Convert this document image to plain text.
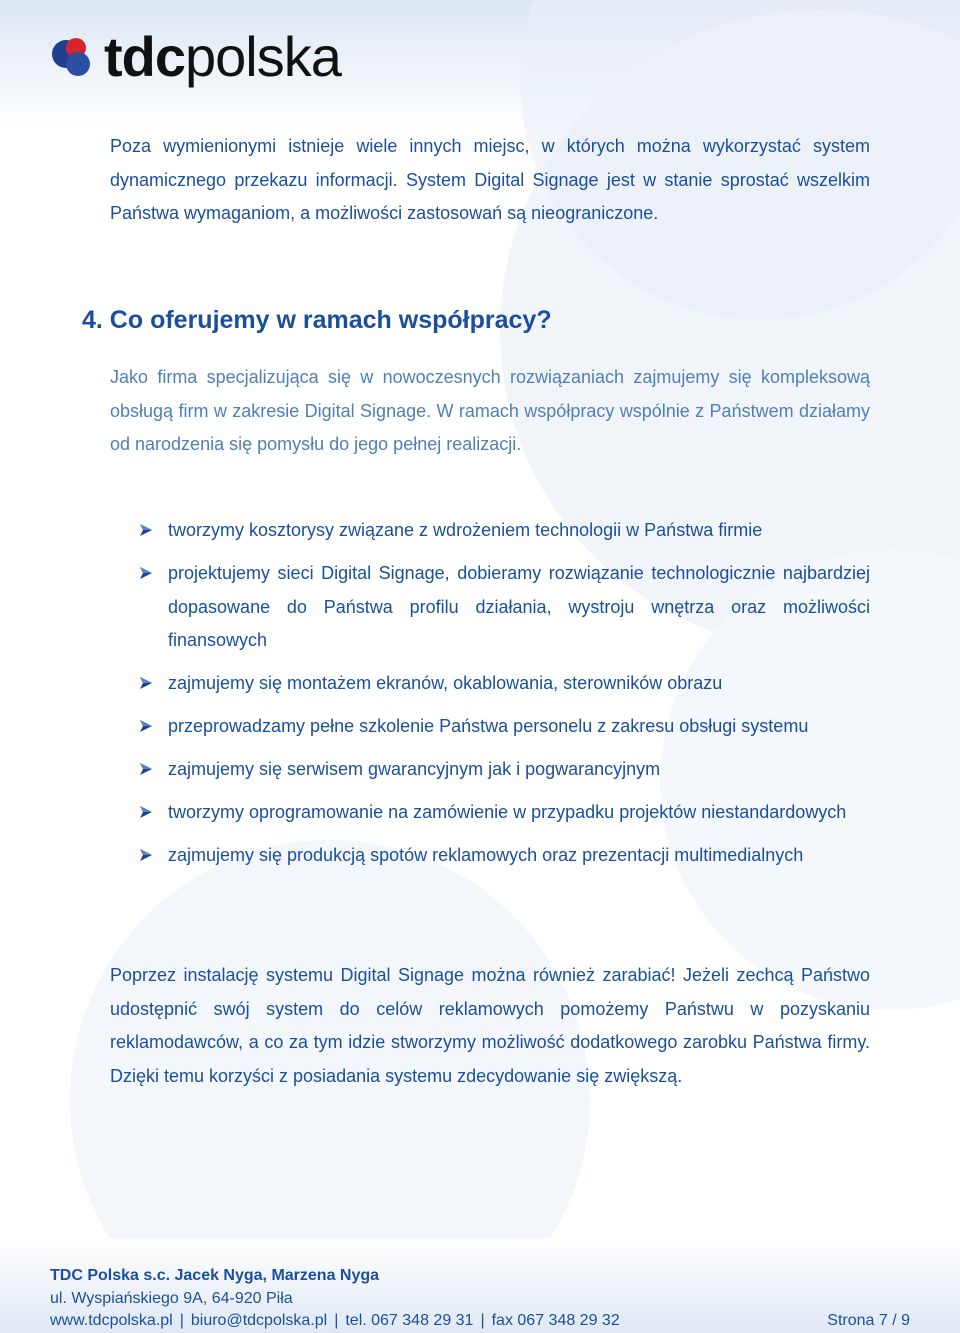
tdcpolska

Poza wymienionymi istnieje wiele innych miejsc, w których można wykorzystać system dynamicznego przekazu informacji. System Digital Signage jest w stanie sprostać wszelkim Państwa wymaganiom, a możliwości zastosowań są nieograniczone.

4. Co oferujemy w ramach współpracy?

Jako firma specjalizująca się w nowoczesnych rozwiązaniach zajmujemy się kompleksową obsługą firm w zakresie Digital Signage. W ramach współpracy wspólnie z Państwem działamy od narodzenia się pomysłu do jego pełnej realizacji.

tworzymy kosztorysy związane z wdrożeniem technologii w Państwa firmie
projektujemy sieci Digital Signage, dobieramy rozwiązanie technologicznie najbardziej dopasowane do Państwa profilu działania, wystroju wnętrza oraz możliwości finansowych
zajmujemy się montażem ekranów, okablowania, sterowników obrazu
przeprowadzamy pełne szkolenie Państwa personelu z zakresu obsługi systemu
zajmujemy się serwisem gwarancyjnym jak i pogwarancyjnym
tworzymy oprogramowanie na zamówienie w przypadku projektów niestandardowych
zajmujemy się produkcją spotów reklamowych oraz prezentacji multimedialnych

Poprzez instalację systemu Digital Signage można również zarabiać! Jeżeli zechcą Państwo udostępnić swój system do celów reklamowych pomożemy Państwu w pozyskaniu reklamodawców, a co za tym idzie stworzymy możliwość dodatkowego zarobku Państwa firmy. Dzięki temu korzyści z posiadania systemu zdecydowanie się zwiększą.

TDC Polska s.c. Jacek Nyga, Marzena Nyga
ul. Wyspiańskiego 9A, 64-920 Piła
www.tdcpolska.pl | biuro@tdcpolska.pl | tel. 067 348 29 31 | fax 067 348 29 32	Strona 7 / 9
